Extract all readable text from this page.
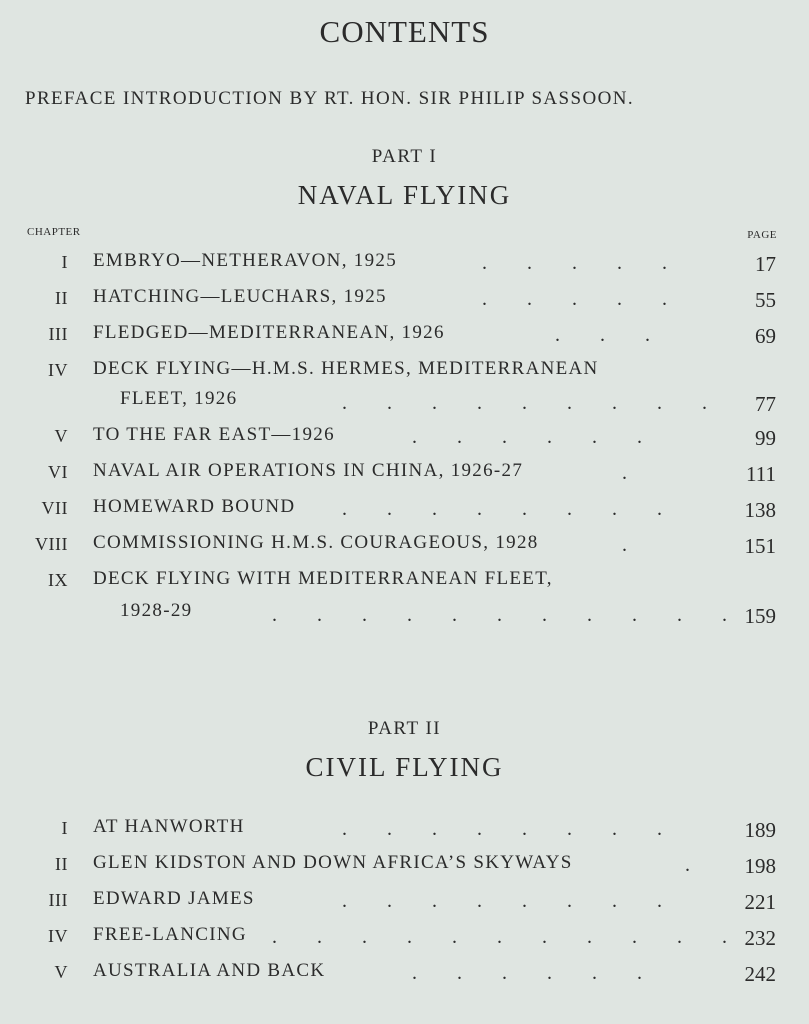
CONTENTS
PREFACE INTRODUCTION BY RT. HON. SIR PHILIP SASSOON.
PART I
NAVAL FLYING
CHAPTER	PAGE
I EMBRYO—NETHERAVON, 1925	.        .        .        .        .	17
II HATCHING—LEUCHARS, 1925	.        .        .        .        .	55
III FLEDGED—MEDITERRANEAN, 1926	.        .        .	69
IV DECK FLYING—H.M.S. HERMES, MEDITERRANEAN
FLEET, 1926	.        .        .        .        .        .        .        .        . 77
V TO THE FAR EAST—1926	.        .        .        .        .        .	99
VI NAVAL AIR OPERATIONS IN CHINA, 1926-27	.	111
VII HOMEWARD BOUND .        .        .        .        .        .        .        .	138
VIII COMMISSIONING H.M.S. COURAGEOUS, 1928	.	151
IX DECK FLYING WITH MEDITERRANEAN FLEET,
1928-29	.        .        .        .        .        .        .        .        .        .        . 159
PART II
CIVIL FLYING
I AT HANWORTH	.        .        .        .        .        .        .        .	189
II GLEN KIDSTON AND DOWN AFRICA’S SKYWAYS	.	198
III EDWARD JAMES	.        .        .        .        .        .        .        .	221
IV FREE-LANCING .        .        .        .        .        .        .        .        .        .        . 232
V AUSTRALIA AND BACK	.        .        .        .        .        .	242
